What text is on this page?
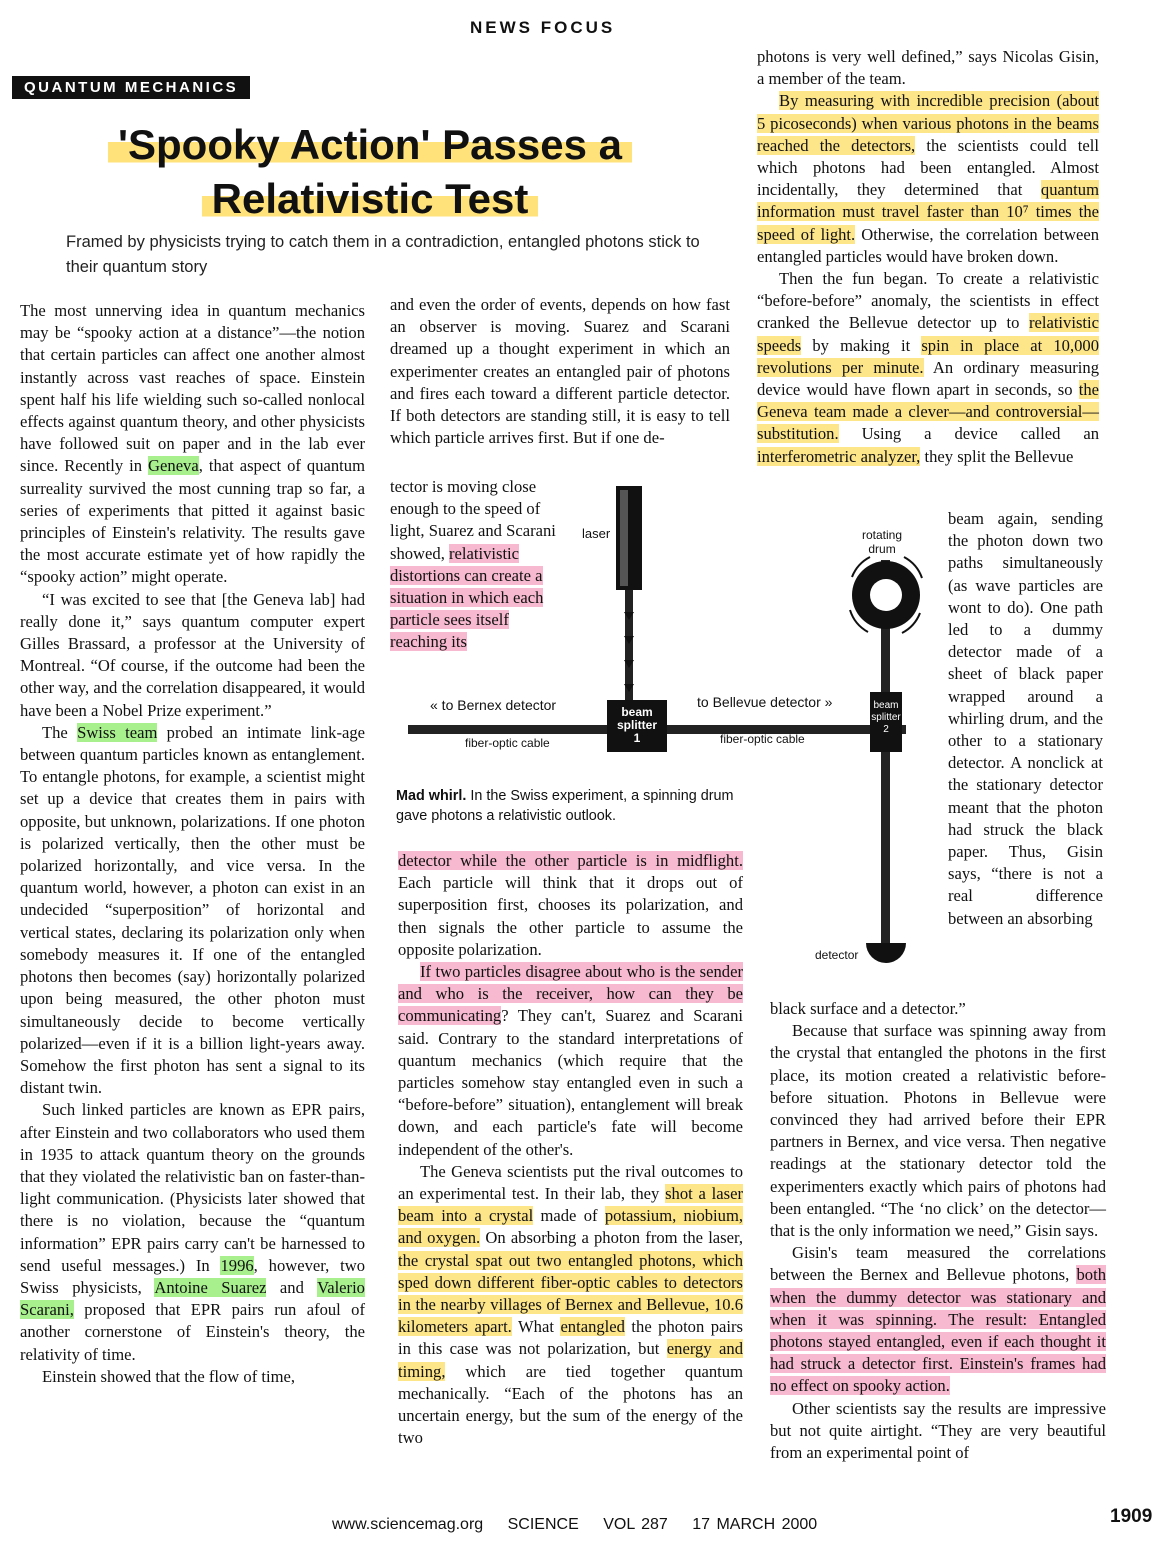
NEWS FOCUS
QUANTUM MECHANICS
'Spooky Action' Passes a
Relativistic Test
Framed by physicists trying to catch them in a contradiction, entangled photons stick to their quantum story

The most unnerving idea in quantum mechanics may be “spooky action at a distance”—the notion that certain particles can affect one another almost instantly across vast reaches of space. Einstein spent half his life wielding such so-called nonlocal effects against quantum theory, and other physicists have followed suit on paper and in the lab ever since. Recently in Geneva, that aspect of quantum surreality survived the most cunning trap so far, a series of experiments that pitted it against basic principles of Einstein's relativity. The results gave the most accurate estimate yet of how rapidly the “spooky action” might operate.

“I was excited to see that [the Geneva lab] had really done it,” says quantum computer expert Gilles Brassard, a professor at the University of Montreal. “Of course, if the outcome had been the other way, and the correlation disappeared, it would have been a Nobel Prize experiment.”

The Swiss team probed an intimate link-age between quantum particles known as entanglement. To entangle photons, for example, a scientist might set up a device that creates them in pairs with opposite, but unknown, polarizations. If one photon is polarized vertically, then the other must be polarized horizontally, and vice versa. In the quantum world, however, a photon can exist in an undecided “superposition” of horizontal and vertical states, declaring its polarization only when somebody measures it. If one of the entangled photons then becomes (say) horizontally polarized upon being measured, the other photon must simultaneously decide to become vertically polarized—even if it is a billion light-years away. Somehow the first photon has sent a signal to its distant twin.

Such linked particles are known as EPR pairs, after Einstein and two collaborators who used them in 1935 to attack quantum theory on the grounds that they violated the relativistic ban on faster-than-light communication. (Physicists later showed that there is no violation, because the “quantum information” EPR pairs carry can't be harnessed to send useful messages.) In 1996, however, two Swiss physicists, Antoine Suarez and Valerio Scarani, proposed that EPR pairs run afoul of another cornerstone of Einstein's theory, the relativity of time.

Einstein showed that the flow of time,

and even the order of events, depends on how fast an observer is moving. Suarez and Scarani dreamed up a thought experiment in which an experimenter creates an entangled pair of photons and fires each toward a different particle detector. If both detectors are standing still, it is easy to tell which particle arrives first. But if one de-

tector is moving close enough to the speed of light, Suarez and Scarani showed, relativistic distortions can create a situation in which each particle sees itself reaching its

detector while the other particle is in midflight. Each particle will think that it drops out of superposition first, chooses its polarization, and then signals the other particle to assume the opposite polarization.

If two particles disagree about who is the sender and who is the receiver, how can they be communicating? They can't, Suarez and Scarani said. Contrary to the standard interpretations of quantum mechanics (which require that the particles somehow stay entangled even in such a “before-before” situation), entanglement will break down, and each particle's fate will become independent of the other's.

The Geneva scientists put the rival outcomes to an experimental test. In their lab, they shot a laser beam into a crystal made of potassium, niobium, and oxygen. On absorbing a photon from the laser, the crystal spat out two entangled photons, which sped down different fiber-optic cables to detectors in the nearby villages of Bernex and Bellevue, 10.6 kilometers apart. What entangled the photon pairs in this case was not polarization, but energy and timing, which are tied together quantum mechanically. “Each of the photons has an uncertain energy, but the sum of the energy of the two

photons is very well defined,” says Nicolas Gisin, a member of the team.

By measuring with incredible precision (about 5 picoseconds) when various photons in the beams reached the detectors, the scientists could tell which photons had been entangled. Almost incidentally, they determined that quantum information must travel faster than 10⁷ times the speed of light. Otherwise, the correlation between entangled particles would have broken down.

Then the fun began. To create a relativistic “before-before” anomaly, the scientists in effect cranked the Bellevue detector up to relativistic speeds by making it spin in place at 10,000 revolutions per minute. An ordinary measuring device would have flown apart in seconds, so the Geneva team made a clever—and controversial—substitution. Using a device called an interferometric analyzer, they split the Bellevue

beam again, sending the photon down two paths simultaneously (as wave particles are wont to do). One path led to a dummy detector made of a sheet of black paper wrapped around a whirling drum, and the other to a stationary detector. A nonclick at the stationary detector meant that the photon had struck the black paper. Thus, Gisin says, “there is not a real difference between an absorbing

black surface and a detector.”

Because that surface was spinning away from the crystal that entangled the photons in the first place, its motion created a relativistic before-before situation. Photons in Bellevue were convinced they had arrived before their EPR partners in Bernex, and vice versa. Then negative readings at the stationary detector told the experimenters exactly which pairs of photons had been entangled. “The ‘no click’ on the detector—that is the only information we need,” Gisin says.

Gisin's team measured the correlations between the Bernex and Bellevue photons, both when the dummy detector was stationary and when it was spinning. The result: Entangled photons stayed entangled, even if each thought it had struck a detector first. Einstein's frames had no effect on spooky action.

Other scientists say the results are impressive but not quite airtight. “They are very beautiful from an experimental point of

laser	rotating
drum
« to Bernex detector	to Bellevue detector »
fiber-optic cable	fiber-optic cable
beam
splitter
1
beam
splitter
2
detector
Mad whirl. In the Swiss experiment, a spinning drum gave photons a relativistic outlook.
www.sciencemag.org SCIENCE VOL 287 17 MARCH 2000	1909
